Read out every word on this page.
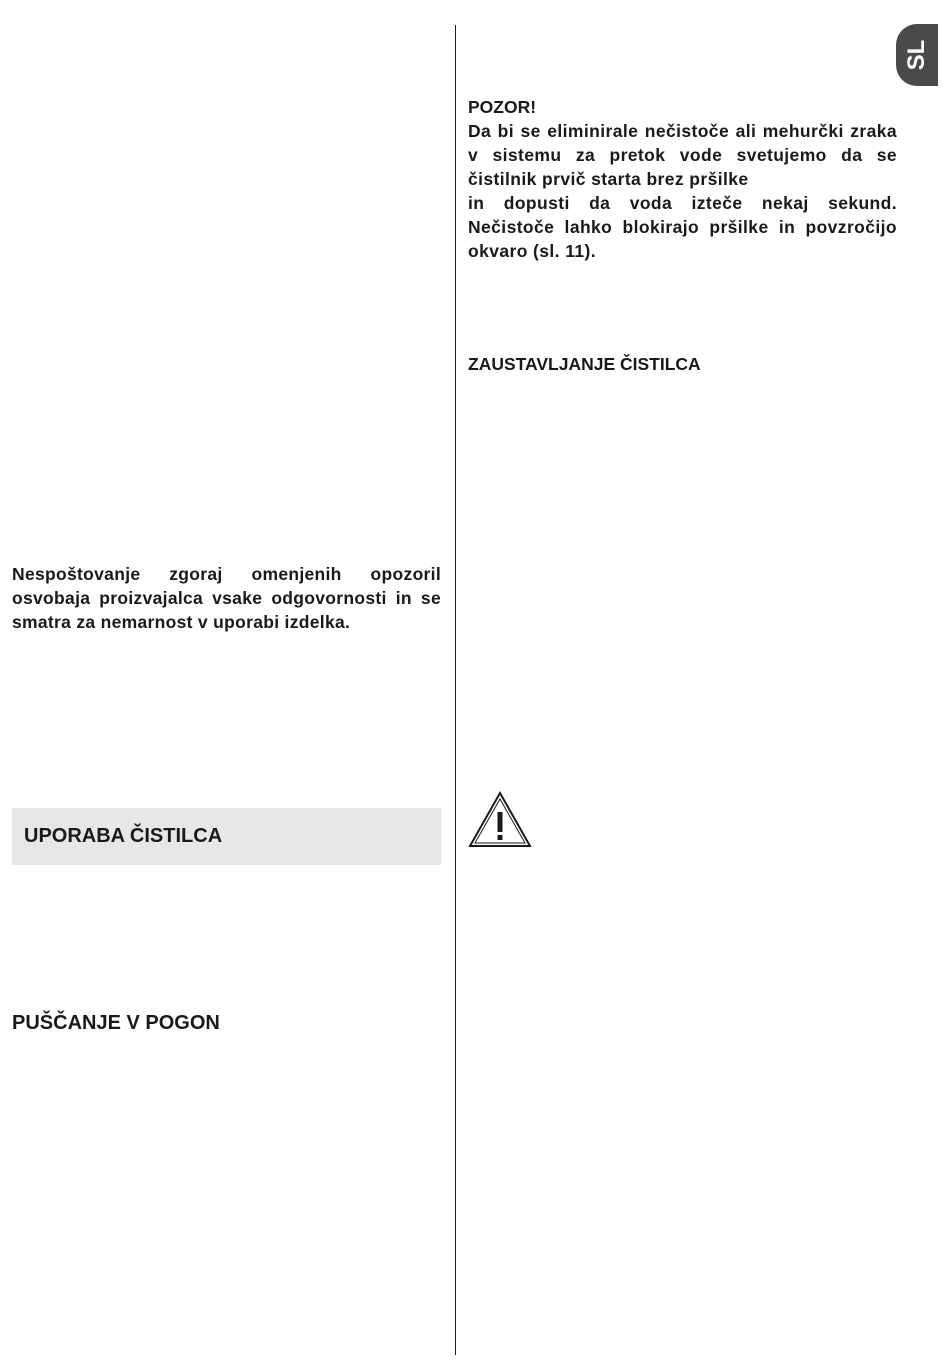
SL

POZOR!

Da bi se eliminirale nečistoče ali mehurčki zraka v sistemu za pretok vode svetujemo da se čistilnik prvič starta brez pršilke

in dopusti da voda izteče nekaj sekund. Nečistoče lahko blokirajo pršilke in povzročijo okvaro (sl. 11).

ZAUSTAVLJANJE ČISTILCA
Nespoštovanje zgoraj omenjenih opozoril osvobaja proizvajalca vsake odgovornosti in se smatra za nemarnost v uporabi izdelka.
UPORABA ČISTILCA
PUŠČANJE V POGON
